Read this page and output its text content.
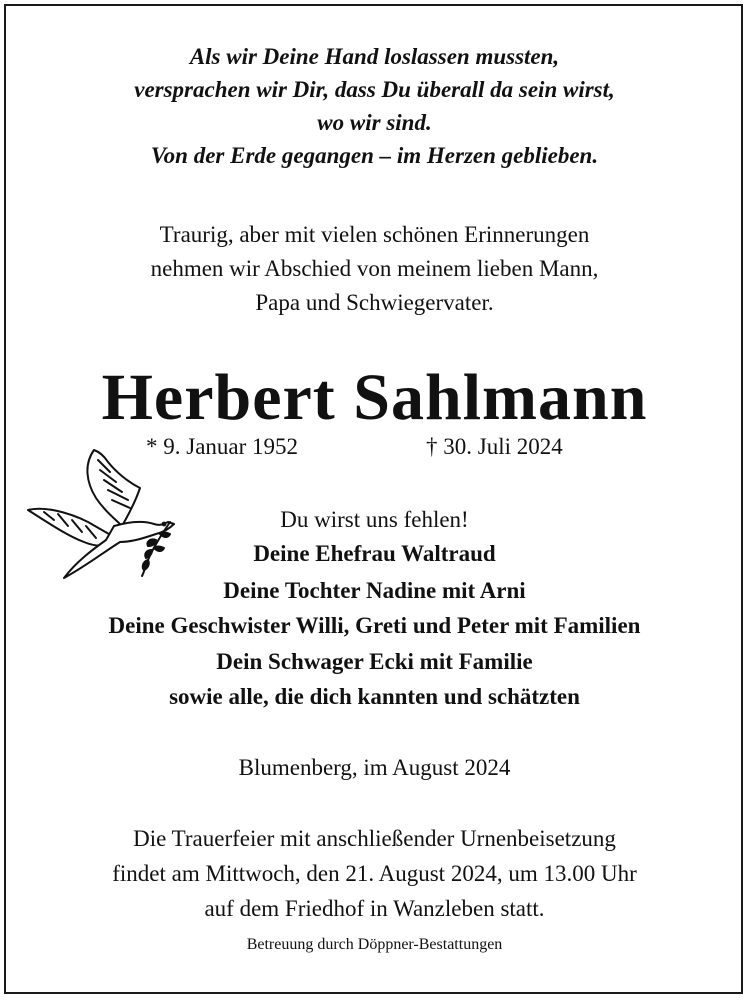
Als wir Deine Hand loslassen mussten,
versprachen wir Dir, dass Du überall da sein wirst,
wo wir sind.
Von der Erde gegangen – im Herzen geblieben.
Traurig, aber mit vielen schönen Erinnerungen
nehmen wir Abschied von meinem lieben Mann,
Papa und Schwiegervater.
Herbert Sahlmann
* 9. Januar 1952	† 30. Juli 2024
Du wirst uns fehlen!
Deine Ehefrau Waltraud
Deine Tochter Nadine mit Arni
Deine Geschwister Willi, Greti und Peter mit Familien
Dein Schwager Ecki mit Familie
sowie alle, die dich kannten und schätzten
Blumenberg, im August 2024
Die Trauerfeier mit anschließender Urnenbeisetzung
findet am Mittwoch, den 21. August 2024, um 13.00 Uhr
auf dem Friedhof in Wanzleben statt.
Betreuung durch Döppner-Bestattungen
